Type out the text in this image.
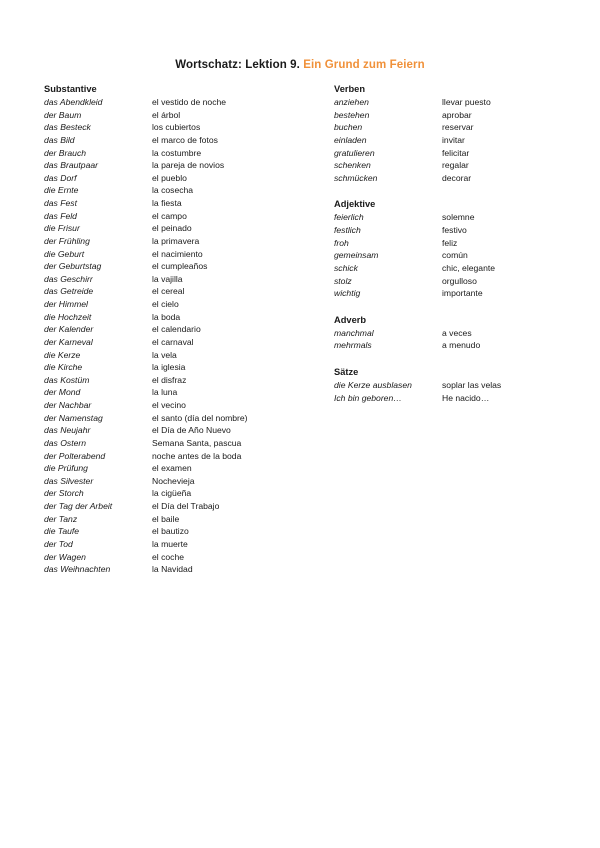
Wortschatz: Lektion 9. Ein Grund zum Feiern
Substantive
das Abendkleid	el vestido de noche
der Baum	el árbol
das Besteck	los cubiertos
das Bild	el marco de fotos
der Brauch	la costumbre
das Brautpaar	la pareja de novios
das Dorf	el pueblo
die Ernte	la cosecha
das Fest	la fiesta
das Feld	el campo
die Frisur	el peinado
der Frühling	la primavera
die Geburt	el nacimiento
der Geburtstag	el cumpleaños
das Geschirr	la vajilla
das Getreide	el cereal
der Himmel	el cielo
die Hochzeit	la boda
der Kalender	el calendario
der Karneval	el carnaval
die Kerze	la vela
die Kirche	la iglesia
das Kostüm	el disfraz
der Mond	la luna
der Nachbar	el vecino
der Namenstag	el santo (día del nombre)
das Neujahr	el Día de Año Nuevo
das Ostern	Semana Santa, pascua
der Polterabend	noche antes de la boda
die Prüfung	el examen
das Silvester	Nochevieja
der Storch	la cigüeña
der Tag der Arbeit	el Día del Trabajo
der Tanz	el baile
die Taufe	el bautizo
der Tod	la muerte
der Wagen	el coche
das Weihnachten	la Navidad
Verben
anziehen	llevar puesto
bestehen	aprobar
buchen	reservar
einladen	invitar
gratulieren	felicitar
schenken	regalar
schmücken	decorar
Adjektive
feierlich	solemne
festlich	festivo
froh	feliz
gemeinsam	común
schick	chic, elegante
stolz	orgulloso
wichtig	importante
Adverb
manchmal	a veces
mehrmals	a menudo
Sätze
die Kerze ausblasen	soplar las velas
Ich bin geboren…	He nacido…
